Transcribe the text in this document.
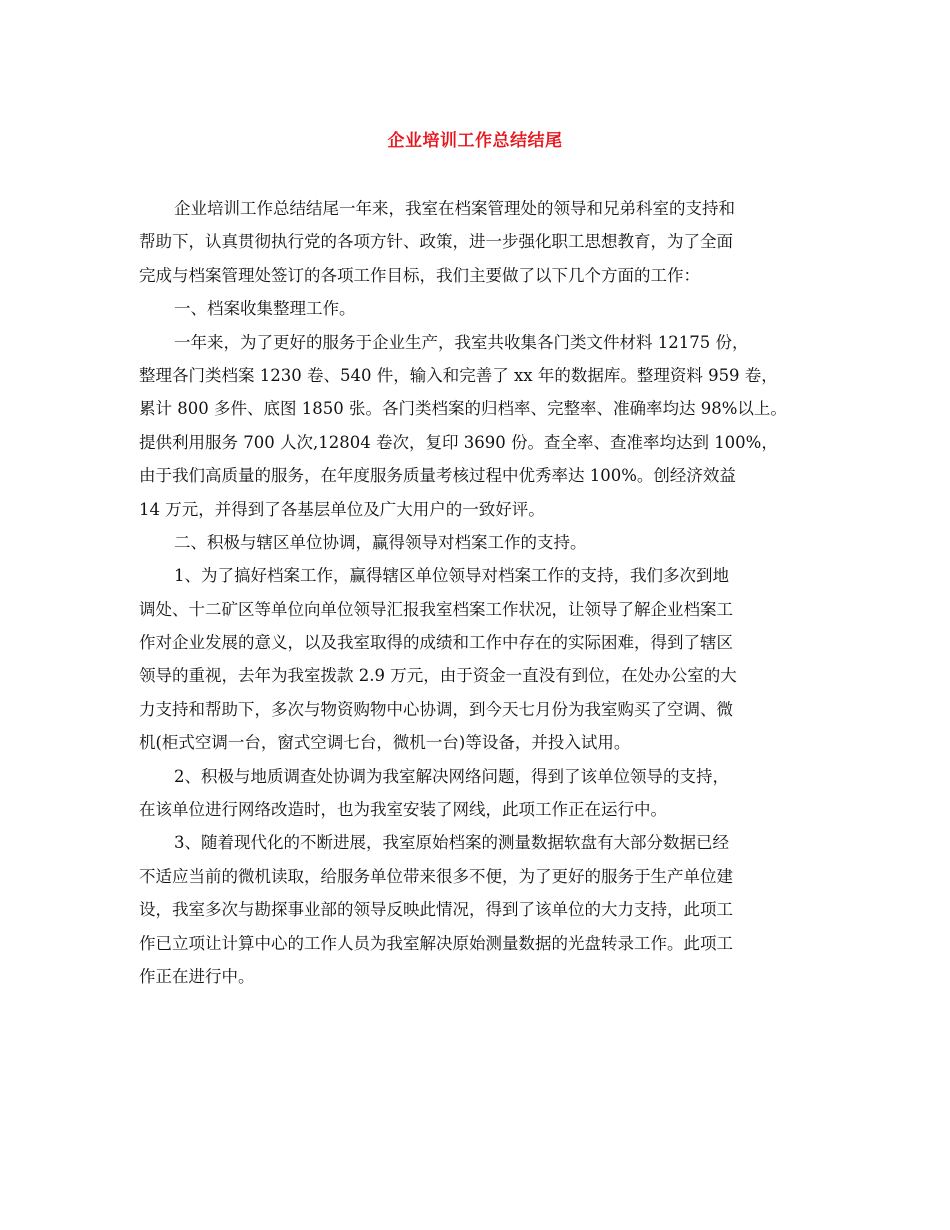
企业培训工作总结结尾
企业培训工作总结结尾一年来，我室在档案管理处的领导和兄弟科室的支持和
帮助下，认真贯彻执行党的各项方针、政策，进一步强化职工思想教育，为了全面
完成与档案管理处签订的各项工作目标，我们主要做了以下几个方面的工作：
一、档案收集整理工作。
一年来，为了更好的服务于企业生产，我室共收集各门类文件材料 12175 份，
整理各门类档案 1230 卷、540 件，输入和完善了 xx 年的数据库。整理资料 959 卷，
累计 800 多件、底图 1850 张。各门类档案的归档率、完整率、准确率均达 98%以上。
提供利用服务 700 人次,12804 卷次，复印 3690 份。查全率、查准率均达到 100%，
由于我们高质量的服务，在年度服务质量考核过程中优秀率达 100%。创经济效益
14 万元，并得到了各基层单位及广大用户的一致好评。
二、积极与辖区单位协调，赢得领导对档案工作的支持。
1、为了搞好档案工作，赢得辖区单位领导对档案工作的支持，我们多次到地
调处、十二矿区等单位向单位领导汇报我室档案工作状况，让领导了解企业档案工
作对企业发展的意义，以及我室取得的成绩和工作中存在的实际困难，得到了辖区
领导的重视，去年为我室拨款 2.9 万元，由于资金一直没有到位，在处办公室的大
力支持和帮助下，多次与物资购物中心协调，到今天七月份为我室购买了空调、微
机(柜式空调一台，窗式空调七台，微机一台)等设备，并投入试用。
2、积极与地质调查处协调为我室解决网络问题，得到了该单位领导的支持，
在该单位进行网络改造时，也为我室安装了网线，此项工作正在运行中。
3、随着现代化的不断进展，我室原始档案的测量数据软盘有大部分数据已经
不适应当前的微机读取，给服务单位带来很多不便，为了更好的服务于生产单位建
设，我室多次与勘探事业部的领导反映此情况，得到了该单位的大力支持，此项工
作已立项让计算中心的工作人员为我室解决原始测量数据的光盘转录工作。此项工
作正在进行中。
